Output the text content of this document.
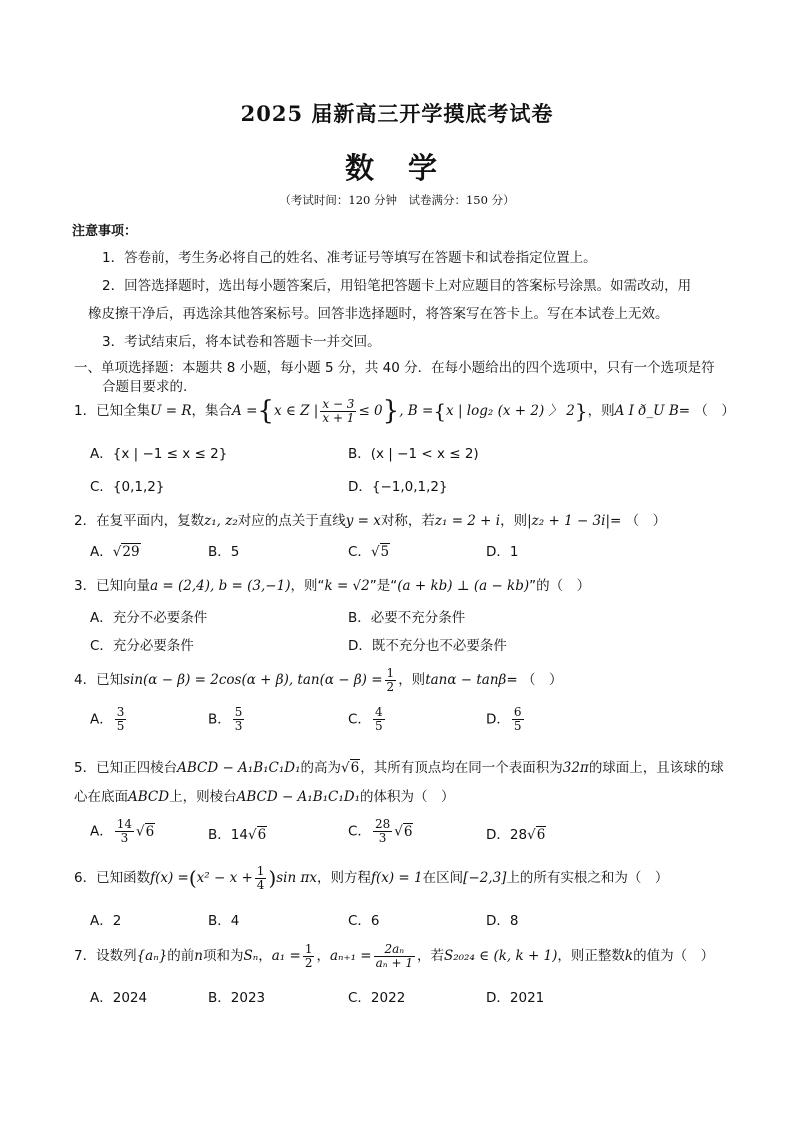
2025 届新高三开学摸底考试卷
数 学
（考试时间：120 分钟　试卷满分：150 分）
注意事项：
1．答卷前，考生务必将自己的姓名、准考证号等填写在答题卡和试卷指定位置上。
2．回答选择题时，选出每小题答案后，用铅笔把答题卡上对应题目的答案标号涂黑。如需改动，用
橡皮擦干净后，再选涂其他答案标号。回答非选择题时，将答案写在答卡上。写在本试卷上无效。
3．考试结束后，将本试卷和答题卡一并交回。
一、单项选择题：本题共 8 小题，每小题 5 分，共 40 分．在每小题给出的四个选项中，只有一个选项是符
合题目要求的.
1．已知全集U = R，集合A ={x ∈ Z | $\frac{x - 3}{x + 1} \le 0$}, B ={x | log₂ (x + 2) 〉 2}，则A I ð_U B= （　）
A．{x | −1 ≤ x ≤ 2}	B．(x | −1 < x ≤ 2)
C．{0,1,2}	D．{−1,0,1,2}
2．在复平面内，复数z₁, z₂对应的点关于直线y = x对称，若z₁ = 2 + i，则|z₂ + 1 − 3i|= （　）
A．√29	B．5	C．√5	D．1
3．已知向量a = (2,4), b = (3,−1)，则“k = √2”是“(a + kb) ⊥ (a − kb)”的（　）
A．充分不必要条件	B．必要不充分条件
C．充分必要条件	D．既不充分也不必要条件
4．已知sin(α − β) = 2cos(α + β), $\tan(\alpha - \beta) = \frac{1}{2}$ ，则tanα − tanβ= （　）
A． $\frac{3}{5}$	B． $\frac{5}{3}$	C． $\frac{4}{5}$	D． $\frac{6}{5}$
5．已知正四棱台ABCD − A₁B₁C₁D₁的高为√6，其所有顶点均在同一个表面积为32π的球面上，且该球的球
心在底面ABCD上，则棱台ABCD − A₁B₁C₁D₁的体积为（　）
A． $\frac{14}{3} √6$	B．14√6	C． $\frac{28}{3} √6$	D．28√6
6．已知函数$f(x) =(x^2 - x + \frac{1}{4} )\sin$ πx，则方程f(x) = 1在区间[−2,3]上的所有实根之和为（　）
A．2	B．4	C．6	D．8
7．设数列{aₙ}的前n项和为Sₙ，$a_1 = \frac{1}{2}$ ，$a_{n+1} = \frac{\text{2aₙ}}{\text{aₙ + 1}}$ ，若S₂₀₂₄ ∈ (k, k + 1)，则正整数k的值为（　）
A．2024	B．2023	C．2022	D．2021
